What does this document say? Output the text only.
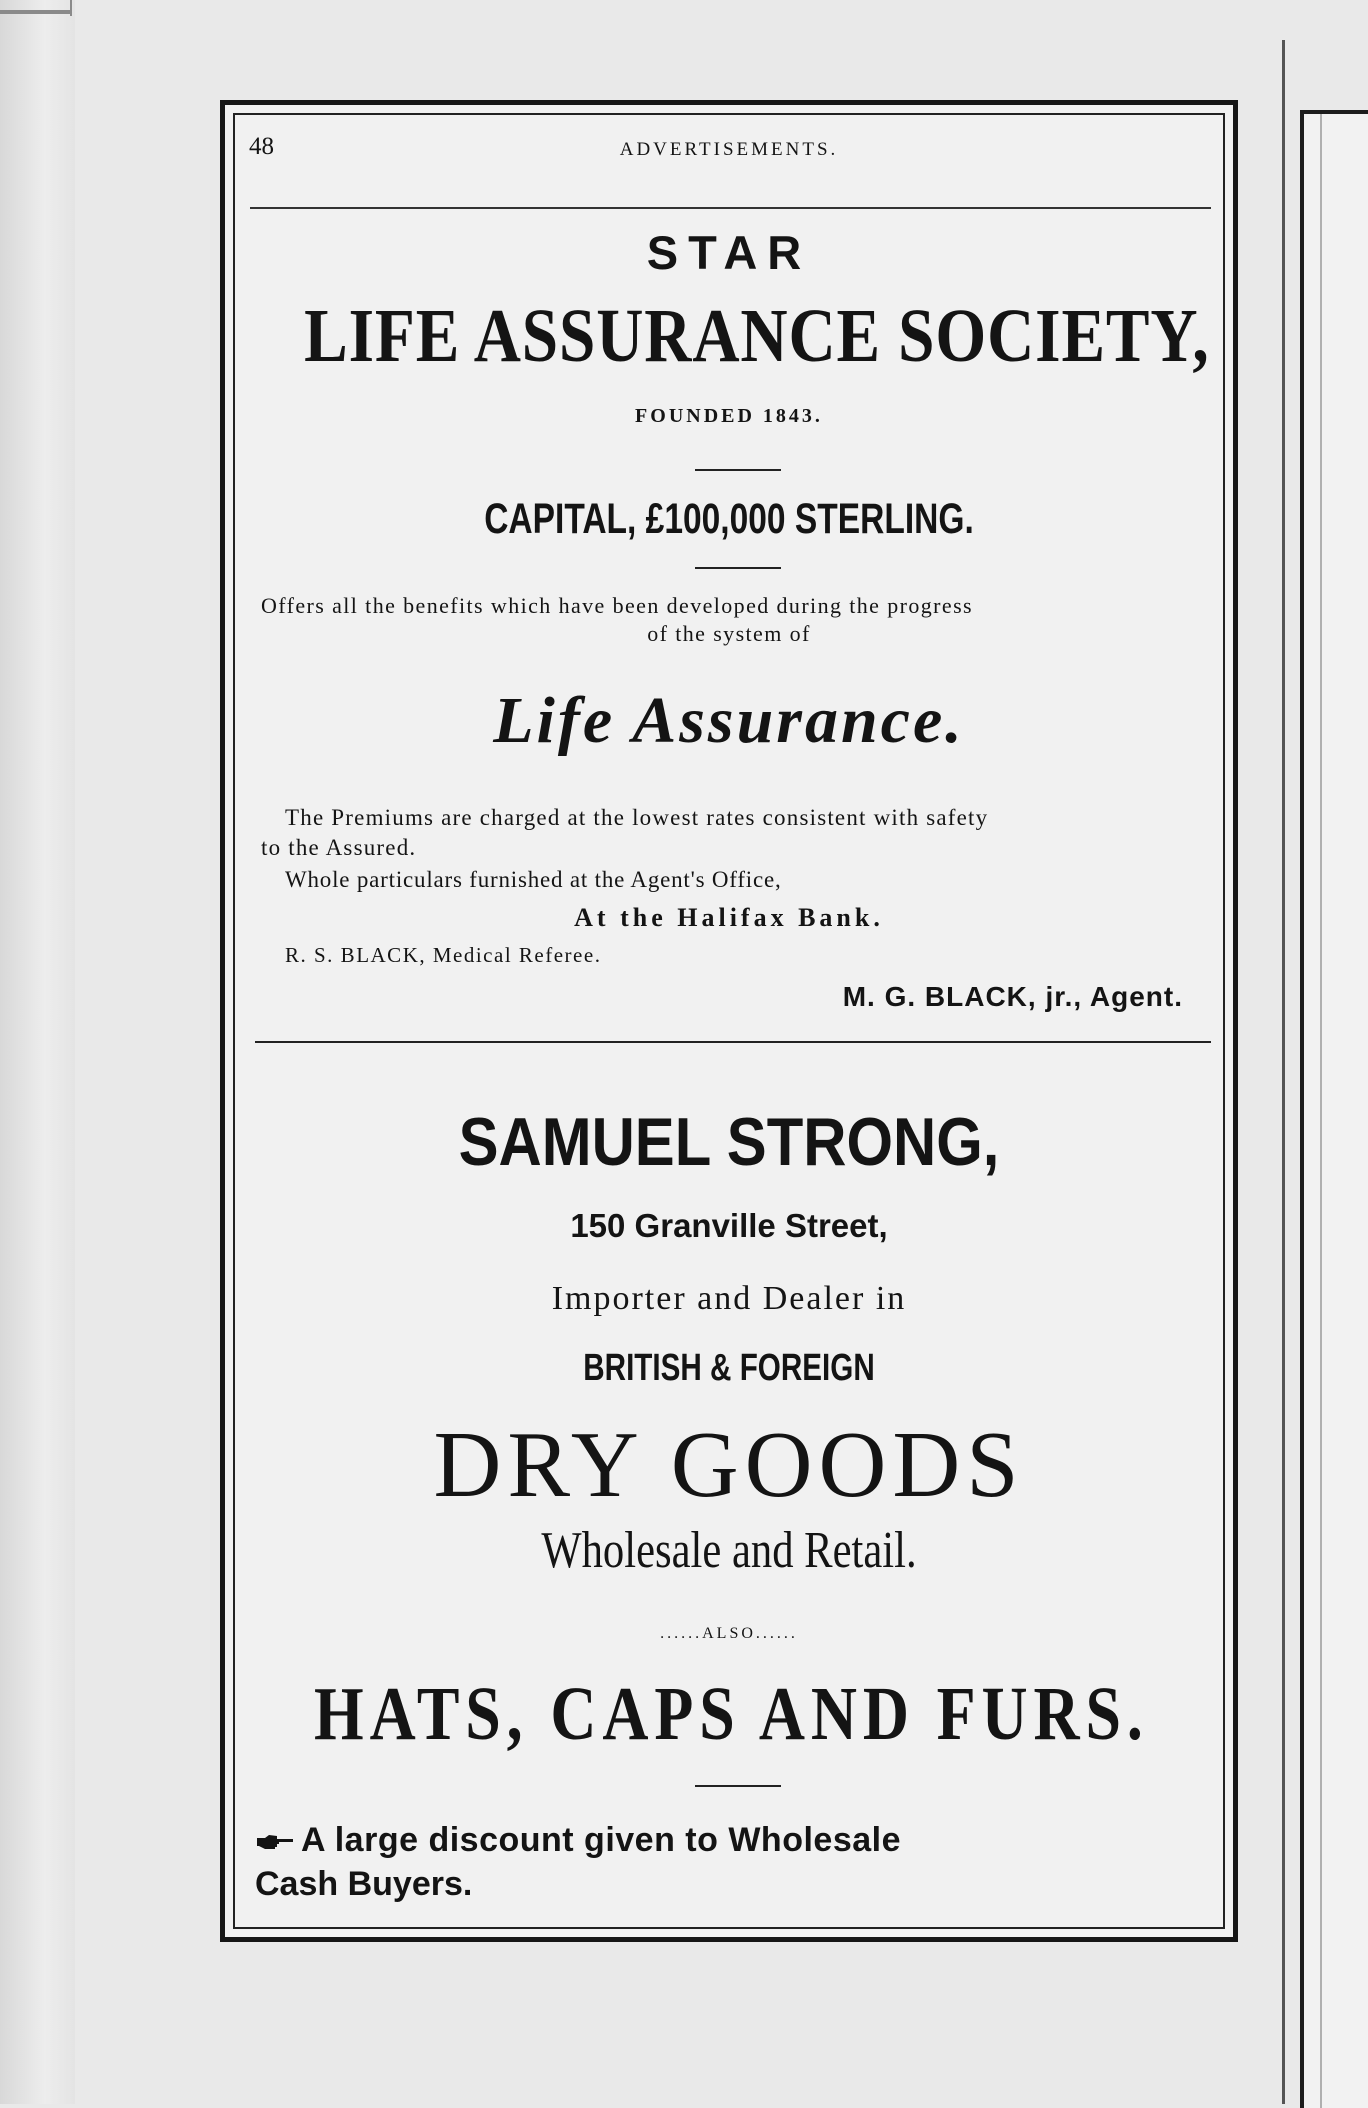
48	ADVERTISEMENTS.
STAR
LIFE ASSURANCE SOCIETY,
FOUNDED 1843.
CAPITAL, £100,000 STERLING.
Offers all the benefits which have been developed during the progress
of the system of
Life Assurance.
The Premiums are charged at the lowest rates consistent with safety
to the Assured.
Whole particulars furnished at the Agent's Office,
At the Halifax Bank.
R. S. BLACK, Medical Referee.
M. G. BLACK, jr., Agent.
SAMUEL STRONG,
150 Granville Street,
Importer and Dealer in
BRITISH & FOREIGN
DRY GOODS
Wholesale and Retail.
......ALSO......
HATS, CAPS AND FURS.
A large discount given to Wholesale
Cash Buyers.
